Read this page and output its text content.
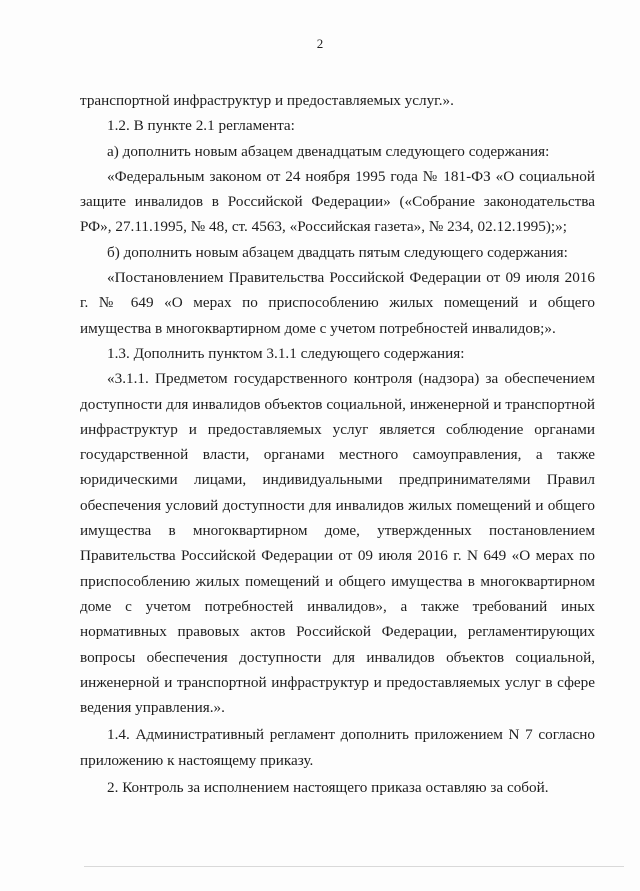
2

транспортной инфраструктур и предоставляемых услуг.».

1.2. В пункте 2.1 регламента:

а) дополнить новым абзацем двенадцатым следующего содержания:

«Федеральным законом от 24 ноября 1995 года № 181-ФЗ «О социальной защите инвалидов в Российской Федерации» («Собрание законодательства РФ», 27.11.1995, № 48, ст. 4563, «Российская газета», № 234, 02.12.1995);»;

б) дополнить новым абзацем двадцать пятым следующего содержания:

«Постановлением Правительства Российской Федерации от 09 июля 2016 г. № 649 «О мерах по приспособлению жилых помещений и общего имущества в многоквартирном доме с учетом потребностей инвалидов;».

1.3. Дополнить пунктом 3.1.1 следующего содержания:

«3.1.1. Предметом государственного контроля (надзора) за обеспечением доступности для инвалидов объектов социальной, инженерной и транспортной инфраструктур и предоставляемых услуг является соблюдение органами государственной власти, органами местного самоуправления, а также юридическими лицами, индивидуальными предпринимателями Правил обеспечения условий доступности для инвалидов жилых помещений и общего имущества в многоквартирном доме, утвержденных постановлением Правительства Российской Федерации от 09 июля 2016 г. N 649 «О мерах по приспособлению жилых помещений и общего имущества в многоквартирном доме с учетом потребностей инвалидов», а также требований иных нормативных правовых актов Российской Федерации, регламентирующих вопросы обеспечения доступности для инвалидов объектов социальной, инженерной и транспортной инфраструктур и предоставляемых услуг в сфере ведения управления.».

1.4. Административный регламент дополнить приложением N 7 согласно приложению к настоящему приказу.

2. Контроль за исполнением настоящего приказа оставляю за собой.
